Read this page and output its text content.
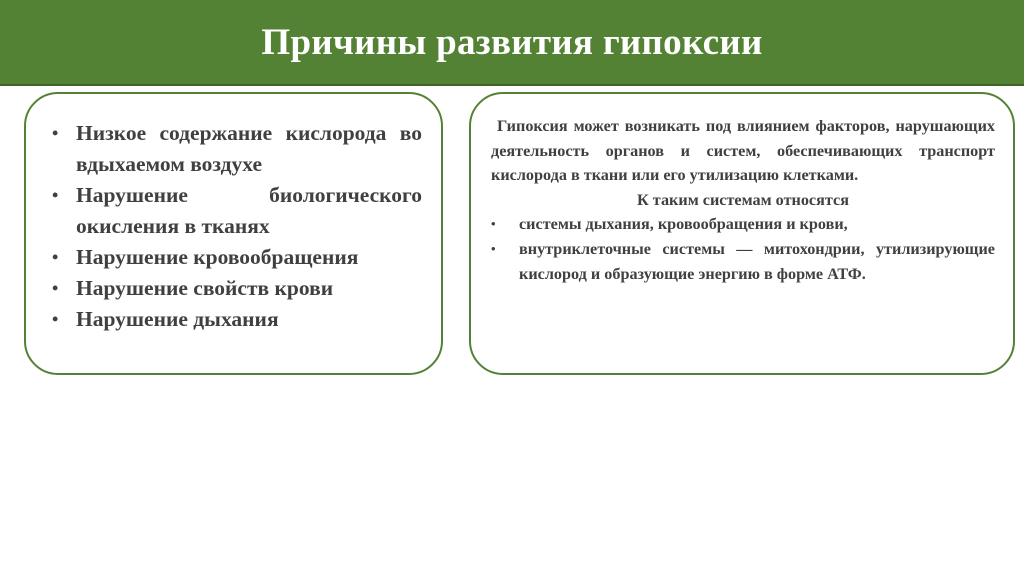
Причины развития гипоксии
• Низкое содержание кислорода во вдыхаемом воздухе
• Нарушение биологического окисления в тканях
• Нарушение кровообращения
• Нарушение свойств крови
• Нарушение дыхания

Гипоксия может возникать под влиянием факторов, нарушающих деятельность органов и систем, обеспечивающих транспорт кислорода в ткани или его утилизацию клетками.

К таким системам относятся

• системы дыхания, кровообращения и крови,
• внутриклеточные системы — митохондрии, утилизирующие кислород и образующие энергию в форме АТФ.
